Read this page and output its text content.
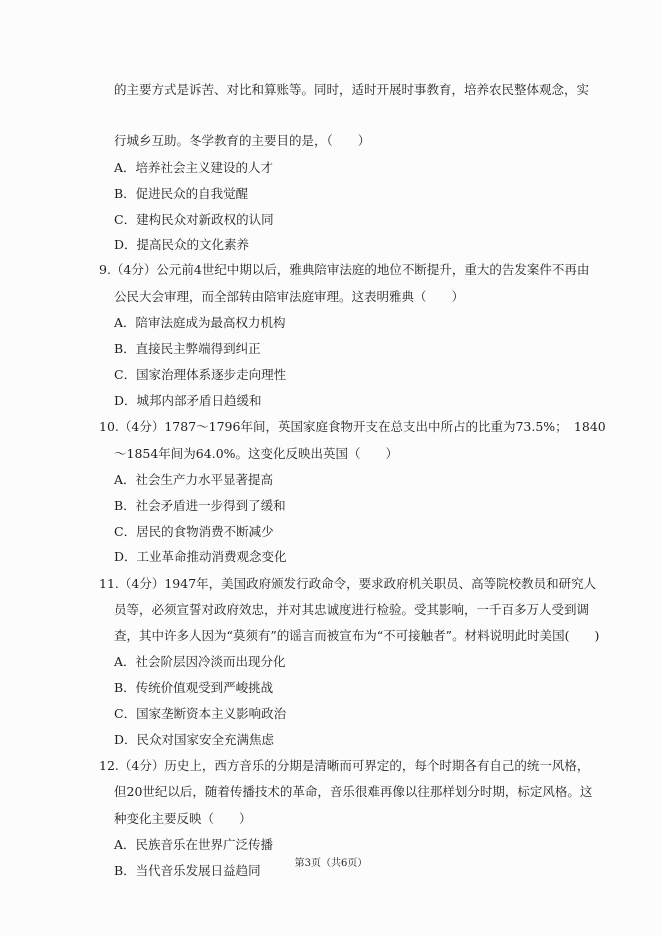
的主要方式是诉苦、对比和算账等。同时，适时开展时事教育，培养农民整体观念，实
行城乡互助。冬学教育的主要目的是，（　　）
A．培养社会主义建设的人才
B．促进民众的自我觉醒
C．建构民众对新政权的认同
D．提高民众的文化素养
9.（4分）公元前4世纪中期以后，雅典陪审法庭的地位不断提升，重大的告发案件不再由
公民大会审理，而全部转由陪审法庭审理。这表明雅典（　　）
A．陪审法庭成为最高权力机构
B．直接民主弊端得到纠正
C．国家治理体系逐步走向理性
D．城邦内部矛盾日趋缓和
10.（4分）1787～1796年间，英国家庭食物开支在总支出中所占的比重为73.5%；　1840
～1854年间为64.0%。这变化反映出英国（　　）
A．社会生产力水平显著提高
B．社会矛盾进一步得到了缓和
C．居民的食物消费不断减少
D．工业革命推动消费观念变化
11.（4分）1947年，美国政府颁发行政命令，要求政府机关职员、高等院校教员和研究人
员等，必须宣誓对政府效忠，并对其忠诚度进行检验。受其影响，一千百多万人受到调
查，其中许多人因为“莫须有”的谣言而被宣布为“不可接触者”。材料说明此时美国(　　)
A．社会阶层因冷淡而出现分化
B．传统价值观受到严峻挑战
C．国家垄断资本主义影响政治
D．民众对国家安全充满焦虑
12.（4分）历史上，西方音乐的分期是清晰而可界定的，每个时期各有自己的统一风格，
但20世纪以后，随着传播技术的革命，音乐很难再像以往那样划分时期，标定风格。这
种变化主要反映（　　）
A．民族音乐在世界广泛传播
B．当代音乐发展日益趋同	第3页（共6页）
